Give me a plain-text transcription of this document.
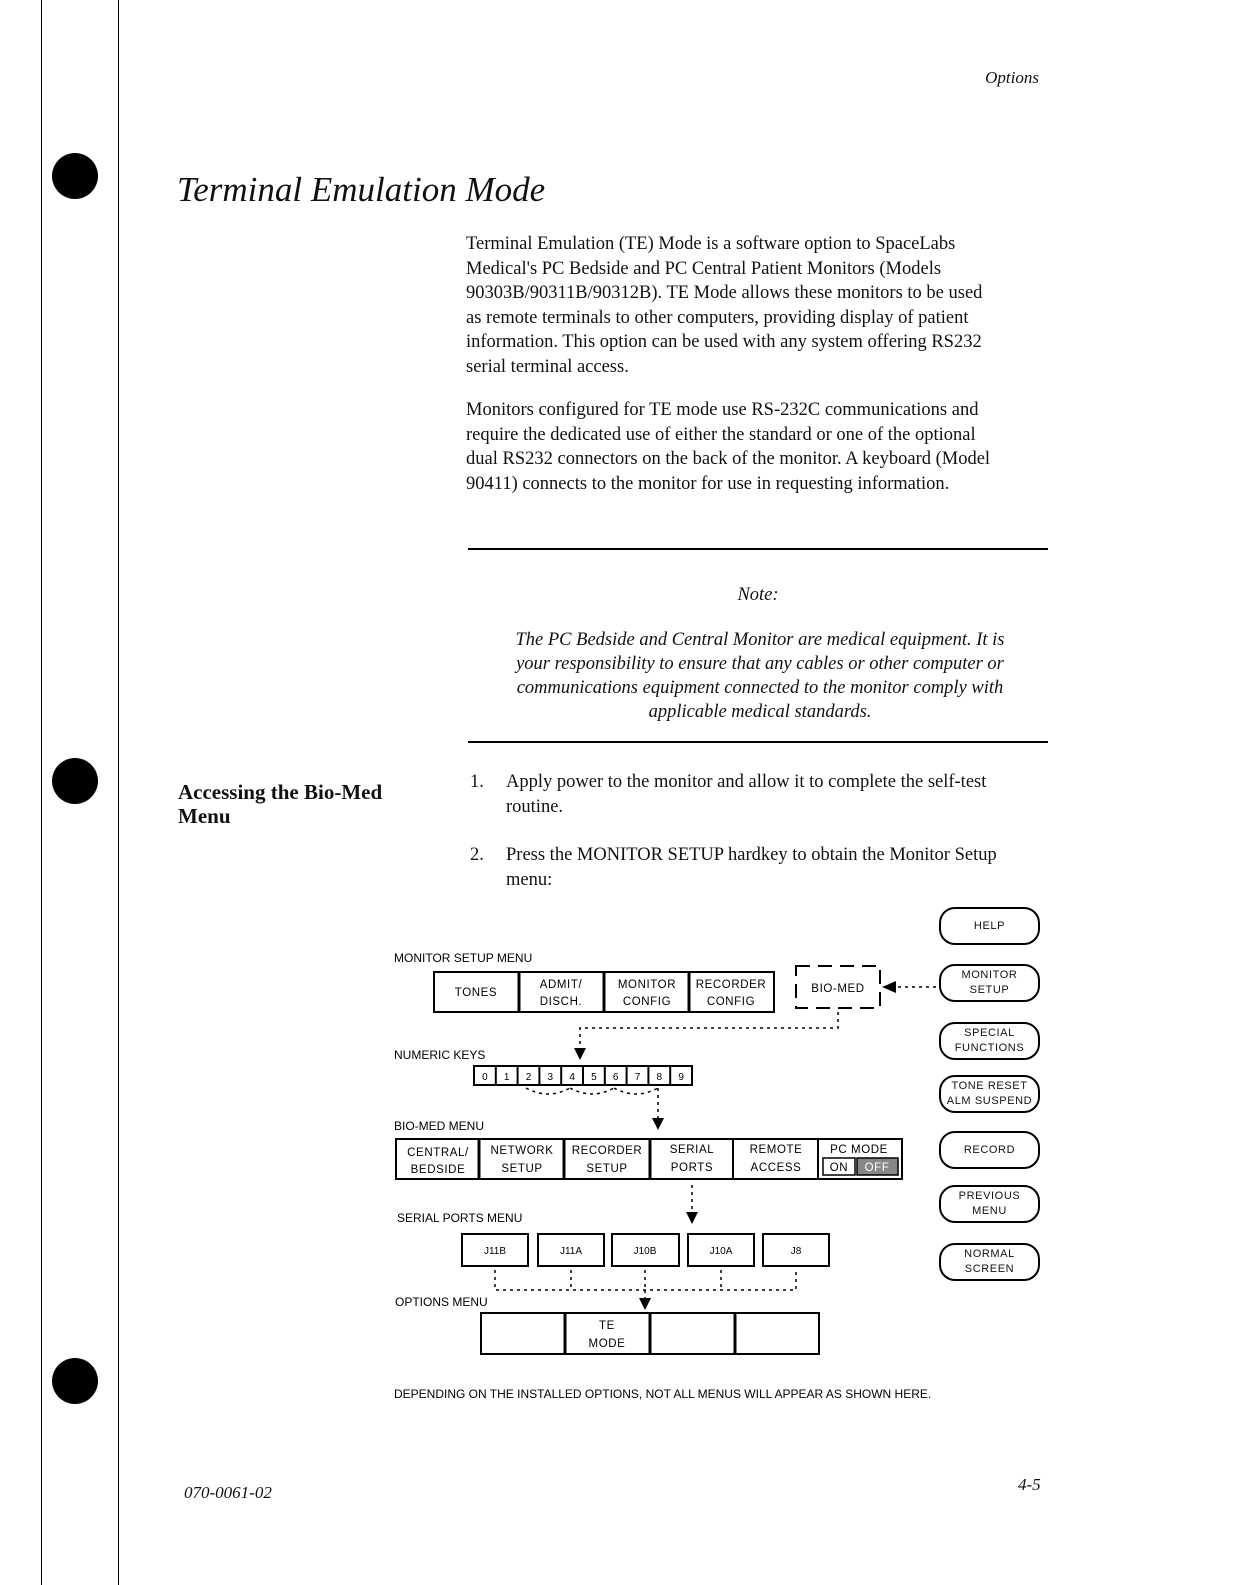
Options
Terminal Emulation Mode

Terminal Emulation (TE) Mode is a software option to SpaceLabs
Medical's PC Bedside and PC Central Patient Monitors (Models
90303B/90311B/90312B). TE Mode allows these monitors to be used
as remote terminals to other computers, providing display of patient
information. This option can be used with any system offering RS232
serial terminal access.

Monitors configured for TE mode use RS-232C communications and
require the dedicated use of either the standard or one of the optional
dual RS232 connectors on the back of the monitor. A keyboard (Model
90411) connects to the monitor for use in requesting information.

Note:

The PC Bedside and Central Monitor are medical equipment. It is
your responsibility to ensure that any cables or other computer or
communications equipment connected to the monitor comply with
applicable medical standards.

Accessing the Bio-Med
Menu
1. Apply power to the monitor and allow it to complete the self-test
routine.
2. Press the MONITOR SETUP hardkey to obtain the Monitor Setup
menu:
MONITOR SETUP MENU
NUMERIC KEYS
BIO-MED MENU
SERIAL PORTS MENU
OPTIONS MENU
TONES
ADMIT/
DISCH.
MONITOR
CONFIG
RECORDER
CONFIG
BIO-MED
0 1 2 3 4 5 6 7 8 9
CENTRAL/
BEDSIDE
NETWORK
SETUP
RECORDER
SETUP
SERIAL
PORTS
REMOTE
ACCESS
PC MODE
ON OFF
J11B	J11A	J10B	J10A	J8
TE
MODE
DEPENDING ON THE INSTALLED OPTIONS, NOT ALL MENUS WILL APPEAR AS SHOWN HERE.
HELP
MONITOR
SETUP
SPECIAL
FUNCTIONS
TONE RESET
ALM SUSPEND
RECORD
PREVIOUS
MENU
NORMAL
SCREEN
070-0061-02	4-5
